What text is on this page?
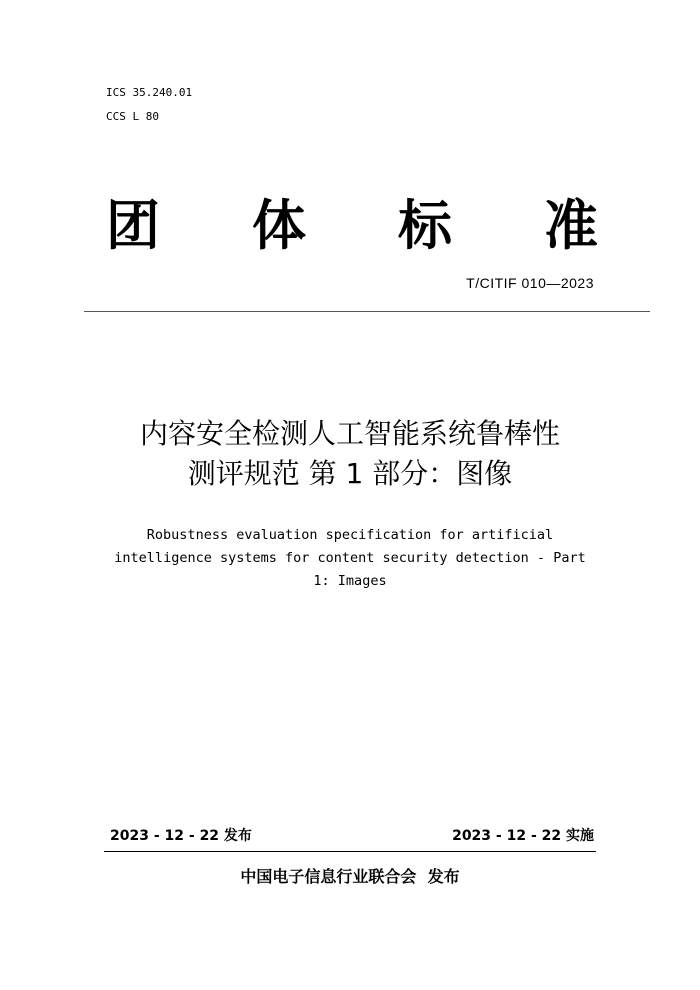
ICS 35.240.01
CCS L 80
团 体 标 准
T/CITIF 010—2023
内容安全检测人工智能系统鲁棒性
测评规范 第 1 部分：图像
Robustness evaluation specification for artificial
intelligence systems for content security detection - Part
1: Images
2023 - 12 - 22 发布	2023 - 12 - 22 实施
中国电子信息行业联合会  发布
